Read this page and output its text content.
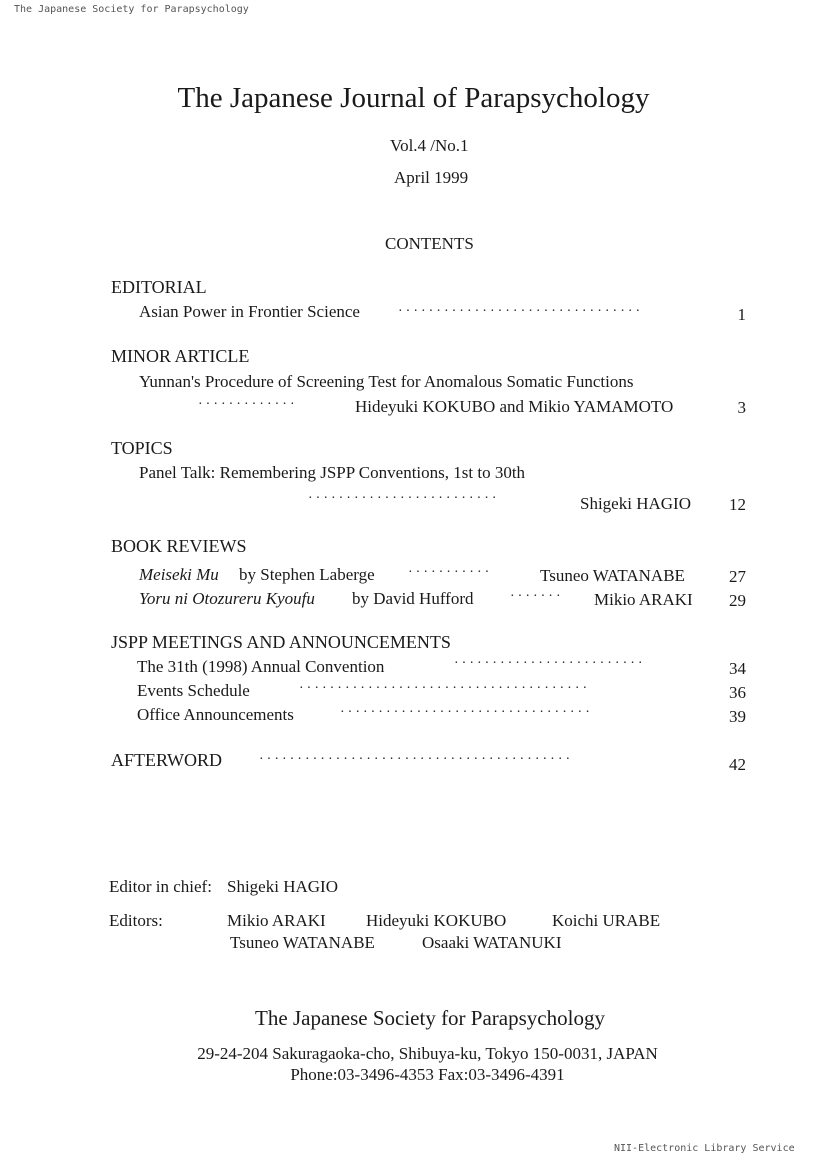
The Japanese Society for Parapsychology
NII-Electronic Library Service
The Japanese Journal of Parapsychology
Vol.4 /No.1
April 1999
CONTENTS
EDITORIAL
Asian Power in Frontier Science	································	1
MINOR ARTICLE
Yunnan's Procedure of Screening Test for Anomalous Somatic Functions
·············	Hideyuki KOKUBO and Mikio YAMAMOTO	3
TOPICS
Panel Talk: Remembering JSPP Conventions, 1st to 30th
·························	Shigeki HAGIO	12
BOOK REVIEWS
Meiseki Mu by Stephen Laberge ···········	Tsuneo WATANABE	27
Yoru ni Otozureru Kyoufu by David Hufford	······· Mikio ARAKI	29
JSPP MEETINGS AND ANNOUNCEMENTS
The 31th (1998) Annual Convention	·························	34
Events Schedule	······································	36
Office Announcements	·································	39
AFTERWORD	·········································	42
Editor in chief: Shigeki HAGIO
Editors:	Mikio ARAKI Hideyuki KOKUBO	Koichi URABE
Tsuneo WATANABE	Osaaki WATANUKI
The Japanese Society for Parapsychology
29-24-204 Sakuragaoka-cho, Shibuya-ku, Tokyo 150-0031, JAPAN
Phone:03-3496-4353 Fax:03-3496-4391
